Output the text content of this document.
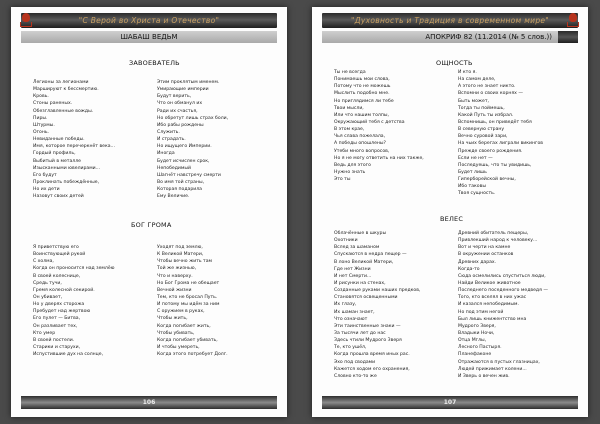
"С Верой во Христа и Отечество"
ШАБАШ ВЕДЬМ
ЗАВОЕВАТЕЛЬ
Легионы за легионами
Маршируют к бессмертию.
Кровь.
Стоны раненых.
Обезглавленные вожды.
Пиры.
Штурмы.
Огонь.
Невиданные победы.
Имя, которое перечеркнёт века...
Гордый профиль,
Выбитый в металле
Изысканными ювелирами...
Его будут
Проклинать побеждённые,
Но их дети
Назовут своих детей
Этим проклятым именем.
Умирающие империи
Будут верить,
Что он обманул их
Ради их счастья,
Но обретут лишь страх боли,
Ибо рабы рождены
Служить.
И страдать.
Но ищущего Империи.
Иногда
Будет исчислен срок,
Непобедимый
Шагнёт навстречу смерти
Во имя той страны,
Которая подарила
Ему Величие.
БОГ ГРОМА
Я приветствую его
Воинствующей рукой
С холма,
Когда он проносится над землёю
В своей колеснице,
Средь тучи,
Гремя колесной секирой.
Он убивает,
Но у дверях сторожа
Пребудет над жертвою
Его пулет — Битва,
Он разливает тех,
Кто умер
В своей постели.
Старики и старухи,
Испустившие дух на солнце,
Уходят под землю,
К Великой Матери,
Чтобы вечно жить там
Той же жизнью,
Что и наверху.
Но Бог Грома не обещает
Вечной жизни
Тем, кто не бросал Путь.
И потому мы идём за ним
С оружием в руках,
Чтобы жить,
Когда погибает жить,
Чтобы убивать,
Когда погибает убивать,
И чтобы умереть,
Когда этого потребует Долг.
106
"Духовность и Традиция в современном мире"
АПОКРИФ 82 (11.2014 (№ 5 слов.))
ОЩНОСТЬ
Ты не всегда
Понимаешь мои слова,
Потому что не можешь
Мыслить подобно мне.
Но приглядимся ли тебе
Твои мысли,
Или что нашим толпы,
Окружающий тебя с детства
В этом крае,
Чья слава пожелала,
А победы опошлены?
Утеби много вопросов,
Но я не могу ответить на них также,
Ведь для этого
Нужно знать
Это ты
И кто я.
На самом деле,
А этого не знает никто.
Вспомни о своих корнях —
Быть может,
Тогда ты поймешь,
Какой Путь ты избрал.
Вспомнишь, он приведёт тебя
В северную страну
Вечно суровой зари,
На чьих берегах лиграли викингов
Прежде своего рождения.
Если не нет —
Последуешь, что ты увидишь,
Будет лишь
Гиперборейской вечны,
Ибо таковы
Твоя сущность.
ВЕЛЕС
Облачённые в шкуры
Охотники
Вслед за шаманом
Спускаются в недра пещер —
В лоно Великой Матери,
Где нет Жизни
И нет Смерти...
И рисунки на стенах,
Созданные руками наших предков,
Становятся освещенными
Их глазу,
Их шаман знает,
Что означают
Эти таинственные знаки —
За тысячи лет до нас
Здесь чтили Мудрого Зверя
Те, кто ушёл,
Когда прошла время иных рас.
Эхо под сводами
Кажется ходом его охранения,
Словно кто-то же
Древний обитатель пещеры,
Привлекший народ к человеку...
Вот и черти на камне
В окружении останков
Древних дарах.
Когда-то
Сюда осмелились спуститься люди,
Найди Великое животное
Последнего поседенного медведя —
Того, кто вселял в них ужас
И казался непобедимым.
Но под этим негой
Был лишь книжентство мна
Мудрого Зверя,
Владыки Ночи,
Отца Мглы,
Лесного Пастыря.
Планефаконе
Отражаются в пустых глазницах,
Людей прижимает колени...
И Зверь о вечен жив.
107
